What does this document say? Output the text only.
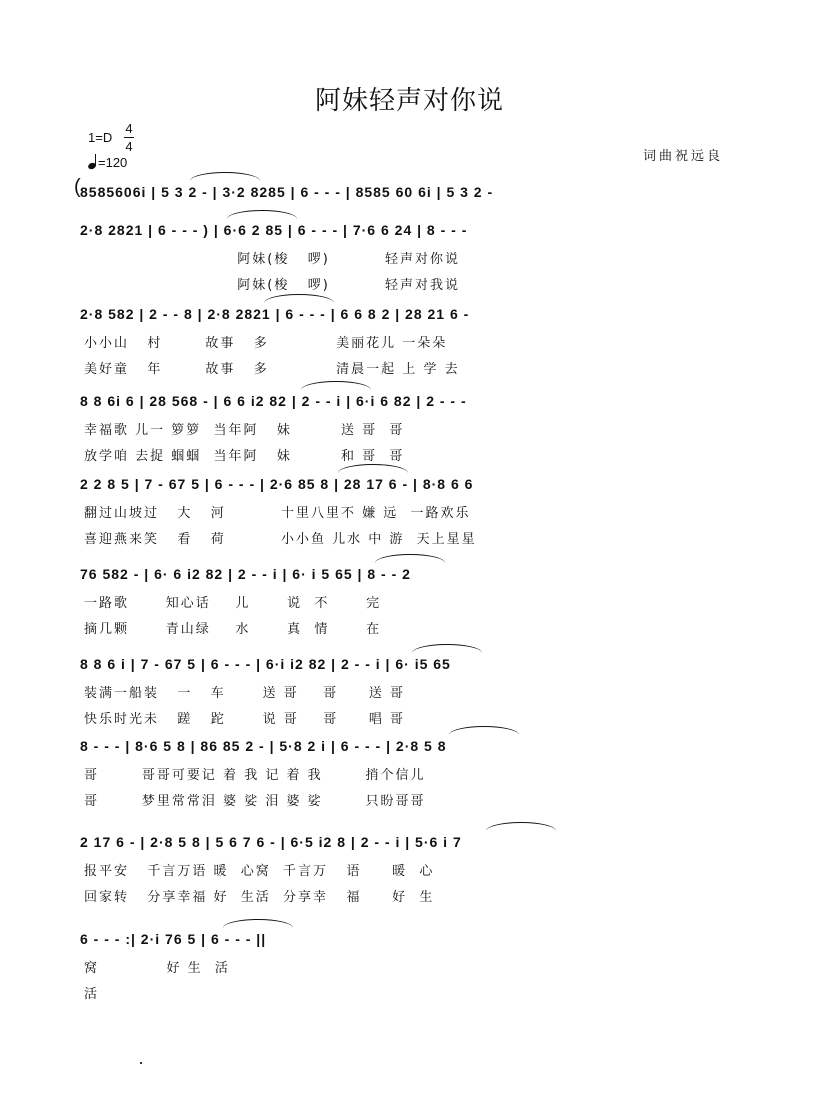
阿妹轻声对你说
1=D
4
4
=120	词曲祝远良
( 8585606i | 5 3 2 - | 3·2 8285 | 6 - - - | 8585 60 6i | 5 3 2 -
2·8 2821 | 6 - - - ) | 6·6 2 85 | 6 - - - | 7·6 6 24 | 8 - - -
阿妹(梭   啰)         轻声对你说
阿妹(梭   啰)         轻声对我说
2·8 582 | 2 - - 8 | 2·8 2821 | 6 - - - | 6 6 8 2 | 28 21 6 -
小小山   村       故事   多           美丽花儿 一朵朵
美好童   年       故事   多           清晨一起 上 学 去
8 8 6i 6 | 28 568 - | 6 6 i2 82 | 2 - - i | 6·i 6 82 | 2 - - -
幸福歌 儿一 箩箩  当年阿   妹        送 哥  哥
放学咱 去捉 蝈蝈  当年阿   妹        和 哥  哥
2 2 8 5 | 7 - 67 5 | 6 - - - | 2·6 85 8 | 28 17 6 - | 8·8 6 6
翻过山坡过   大   河         十里八里不 嫌 远  一路欢乐
喜迎燕来笑   看   荷         小小鱼 儿水 中 游  天上星星
76 582 - | 6· 6 i2 82 | 2 - - i | 6· i 5 65 | 8 - - 2
一路歌      知心话    儿      说  不      完
摘几颗      青山绿    水      真  情      在
8 8 6 i | 7 - 67 5 | 6 - - - | 6·i i2 82 | 2 - - i | 6· i5 65
装满一船装   一   车      送 哥    哥     送 哥
快乐时光未   蹉   跎      说 哥    哥     唱 哥
8 - - - | 8·6 5 8 | 86 85 2 - | 5·8 2 i | 6 - - - | 2·8 5 8
哥       哥哥可要记 着 我 记 着 我       捎个信儿
哥       梦里常常泪 婆 娑 泪 婆 娑       只盼哥哥
2 17 6 - | 2·8 5 8 | 5 6 7 6 - | 6·5 i2 8 | 2 - - i | 5·6 i 7
报平安   千言万语 暖  心窝  千言万   语     暖  心
回家转   分享幸福 好  生活  分享幸   福     好  生
6 - - - :| 2·i 76 5 | 6 - - - ||
窝           好 生  活
活
